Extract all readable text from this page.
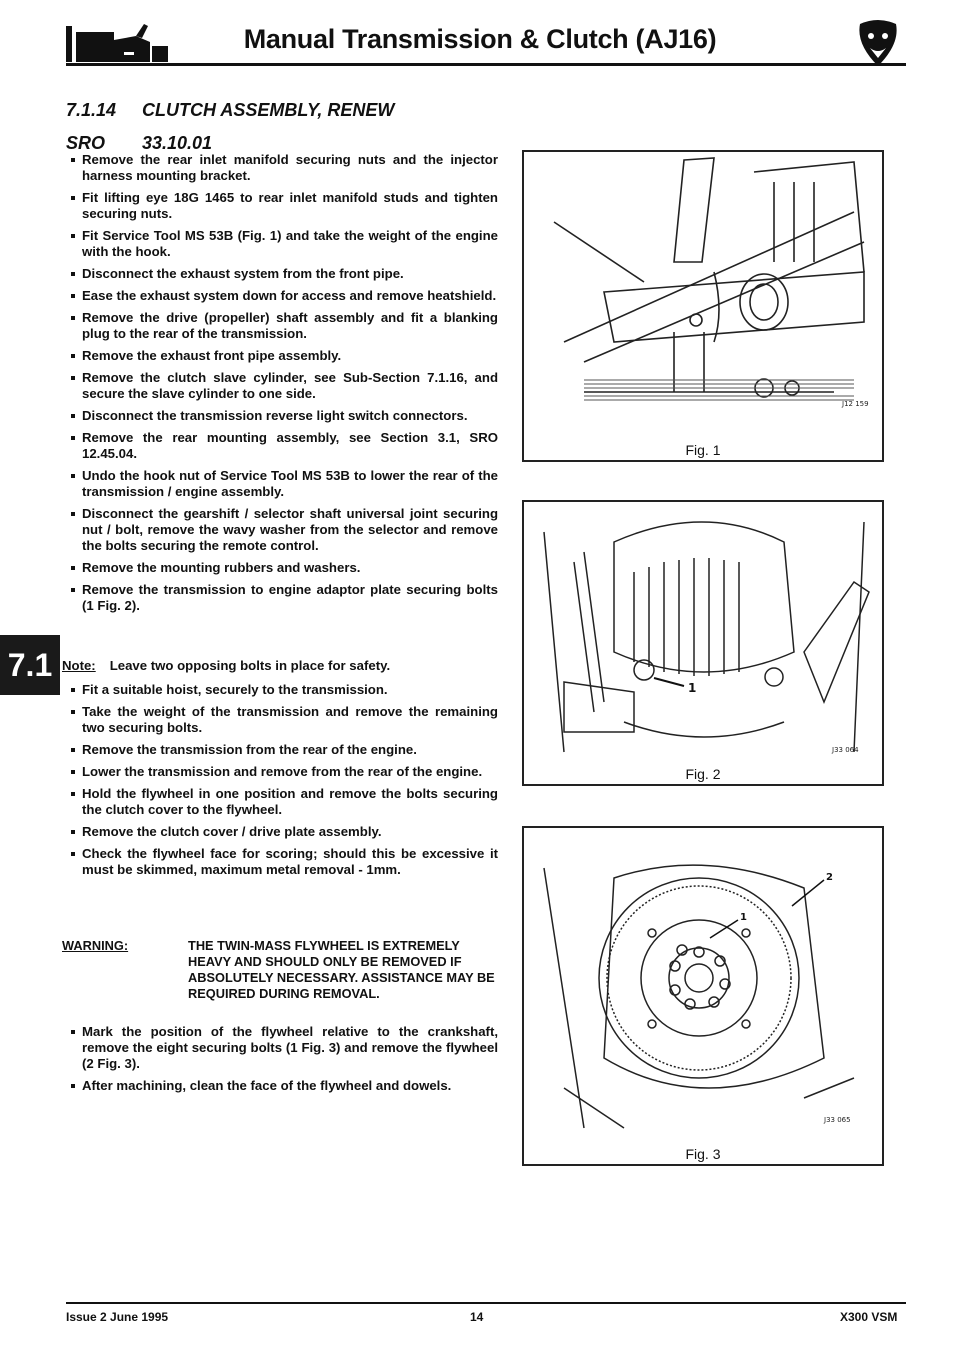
Manual Transmission & Clutch (AJ16)
7.1.14 CLUTCH ASSEMBLY, RENEW
SRO 33.10.01
Remove the rear inlet manifold securing nuts and the injector harness mounting bracket.
Fit lifting eye 18G 1465 to rear inlet manifold studs and tighten securing nuts.
Fit Service Tool MS 53B (Fig. 1) and take the weight of the engine with the hook.
Disconnect the exhaust system from the front pipe.
Ease the exhaust system down for access and remove heatshield.
Remove the drive (propeller) shaft assembly and fit a blanking plug to the rear of the transmission.
Remove the exhaust front pipe assembly.
Remove the clutch slave cylinder, see Sub-Section 7.1.16, and secure the slave cylinder to one side.
Disconnect the transmission reverse light switch connectors.
Remove the rear mounting assembly, see Section 3.1, SRO 12.45.04.
Undo the hook nut of Service Tool MS 53B to lower the rear of the transmission / engine assembly.
Disconnect the gearshift / selector shaft universal joint securing nut / bolt, remove the wavy washer from the selector and remove the bolts securing the remote control.
Remove the mounting rubbers and washers.
Remove the transmission to engine adaptor plate securing bolts (1 Fig. 2).
Note: Leave two opposing bolts in place for safety.
7.1
Fit a suitable hoist, securely to the transmission.
Take the weight of the transmission and remove the remaining two securing bolts.
Remove the transmission from the rear of the engine.
Lower the transmission and remove from the rear of the engine.
Hold the flywheel in one position and remove the bolts securing the clutch cover to the flywheel.
Remove the clutch cover / drive plate assembly.
Check the flywheel face for scoring; should this be excessive it must be skimmed, maximum metal removal - 1mm.
WARNING:	THE TWIN-MASS FLYWHEEL IS EXTREMELY HEAVY AND SHOULD ONLY BE REMOVED IF ABSOLUTELY NECESSARY. ASSISTANCE MAY BE REQUIRED DURING REMOVAL.
Mark the position of the flywheel relative to the crankshaft, remove the eight securing bolts (1 Fig. 3) and remove the flywheel (2 Fig. 3).
After machining, clean the face of the flywheel and dowels.
J12 159
Fig. 1
1
J33 064
Fig. 2
1
2
J33 065
Fig. 3
Issue 2 June 1995	14	X300 VSM
